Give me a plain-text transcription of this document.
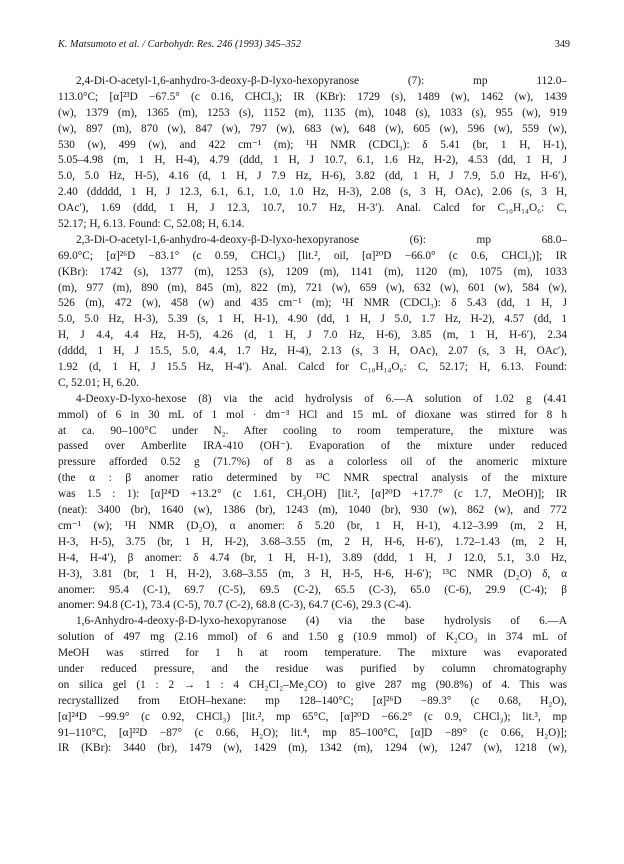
K. Matsumoto et al. / Carbohydr. Res. 246 (1993) 345–352	349
2,4-Di-O-acetyl-1,6-anhydro-3-deoxy-β-D-lyxo-hexopyranose (7): mp 112.0–
113.0°C; [α]²³D −67.5° (c 0.16, CHCl₃); IR (KBr): 1729 (s), 1489 (w), 1462 (w), 1439
(w), 1379 (m), 1365 (m), 1253 (s), 1152 (m), 1135 (m), 1048 (s), 1033 (s), 955 (w), 919
(w), 897 (m), 870 (w), 847 (w), 797 (w), 683 (w), 648 (w), 605 (w), 596 (w), 559 (w),
530 (w), 499 (w), and 422 cm⁻¹ (m); ¹H NMR (CDCl₃): δ 5.41 (br, 1 H, H-1),
5.05–4.98 (m, 1 H, H-4), 4.79 (ddd, 1 H, J 10.7, 6.1, 1.6 Hz, H-2), 4.53 (dd, 1 H, J
5.0, 5.0 Hz, H-5), 4.16 (d, 1 H, J 7.9 Hz, H-6), 3.82 (dd, 1 H, J 7.9, 5.0 Hz, H-6′),
2.40 (ddddd, 1 H, J 12.3, 6.1, 6.1, 1.0, 1.0 Hz, H-3), 2.08 (s, 3 H, OAc), 2.06 (s, 3 H,
OAc′), 1.69 (ddd, 1 H, J 12.3, 10.7, 10.7 Hz, H-3′). Anal. Calcd for C₁₀H₁₄O₆: C,
52.17; H, 6.13. Found: C, 52.08; H, 6.14.
2,3-Di-O-acetyl-1,6-anhydro-4-deoxy-β-D-lyxo-hexopyranose (6): mp 68.0–
69.0°C; [α]²⁶D −83.1° (c 0.59, CHCl₃) [lit.², oil, [α]²⁰D −66.0° (c 0.6, CHCl₃)]; IR
(KBr): 1742 (s), 1377 (m), 1253 (s), 1209 (m), 1141 (m), 1120 (m), 1075 (m), 1033
(m), 977 (m), 890 (m), 845 (m), 822 (m), 721 (w), 659 (w), 632 (w), 601 (w), 584 (w),
526 (m), 472 (w), 458 (w) and 435 cm⁻¹ (m); ¹H NMR (CDCl₃): δ 5.43 (dd, 1 H, J
5.0, 5.0 Hz, H-3), 5.39 (s, 1 H, H-1), 4.90 (dd, 1 H, J 5.0, 1.7 Hz, H-2), 4.57 (dd, 1
H, J 4.4, 4.4 Hz, H-5), 4.26 (d, 1 H, J 7.0 Hz, H-6), 3.85 (m, 1 H, H-6′), 2.34
(dddd, 1 H, J 15.5, 5.0, 4.4, 1.7 Hz, H-4), 2.13 (s, 3 H, OAc), 2.07 (s, 3 H, OAc′),
1.92 (d, 1 H, J 15.5 Hz, H-4′). Anal. Calcd for C₁₀H₁₄O₆: C, 52.17; H, 6.13. Found:
C, 52.01; H, 6.20.
4-Deoxy-D-lyxo-hexose (8) via the acid hydrolysis of 6.—A solution of 1.02 g (4.41
mmol) of 6 in 30 mL of 1 mol · dm⁻³ HCl and 15 mL of dioxane was stirred for 8 h
at ca. 90–100°C under N₂. After cooling to room temperature, the mixture was
passed over Amberlite IRA-410 (OH⁻). Evaporation of the mixture under reduced
pressure afforded 0.52 g (71.7%) of 8 as a colorless oil of the anomeric mixture
(the α : β anomer ratio determined by ¹³C NMR spectral analysis of the mixture
was 1.5 : 1): [α]²⁴D +13.2° (c 1.61, CH₃OH) [lit.², [α]²⁰D +17.7° (c 1.7, MeOH)]; IR
(neat): 3400 (br), 1640 (w), 1386 (br), 1243 (m), 1040 (br), 930 (w), 862 (w), and 772
cm⁻¹ (w); ¹H NMR (D₂O), α anomer: δ 5.20 (br, 1 H, H-1), 4.12–3.99 (m, 2 H,
H-3, H-5), 3.75 (br, 1 H, H-2), 3.68–3.55 (m, 2 H, H-6, H-6′), 1.72–1.43 (m, 2 H,
H-4, H-4′), β anomer: δ 4.74 (br, 1 H, H-1), 3.89 (ddd, 1 H, J 12.0, 5.1, 3.0 Hz,
H-3), 3.81 (br, 1 H, H-2), 3.68–3.55 (m, 3 H, H-5, H-6, H-6′); ¹³C NMR (D₂O) δ, α
anomer: 95.4 (C-1), 69.7 (C-5), 69.5 (C-2), 65.5 (C-3), 65.0 (C-6), 29.9 (C-4); β
anomer: 94.8 (C-1), 73.4 (C-5), 70.7 (C-2), 68.8 (C-3), 64.7 (C-6), 29.3 (C-4).
1,6-Anhydro-4-deoxy-β-D-lyxo-hexopyranose (4) via the base hydrolysis of 6.—A
solution of 497 mg (2.16 mmol) of 6 and 1.50 g (10.9 mmol) of K₂CO₃ in 374 mL of
MeOH was stirred for 1 h at room temperature. The mixture was evaporated
under reduced pressure, and the residue was purified by column chromatography
on silica gel (1 : 2 → 1 : 4 CH₂Cl₂–Me₂CO) to give 287 mg (90.8%) of 4. This was
recrystallized from EtOH–hexane: mp 128–140°C; [α]²⁶D −89.3° (c 0.68, H₂O),
[α]²⁴D −99.9° (c 0.92, CHCl₃) [lit.², mp 65°C, [α]²⁰D −66.2° (c 0.9, CHCl₃); lit.³, mp
91–110°C, [α]²²D −87° (c 0.66, H₂O); lit.⁴, mp 85–100°C, [α]D −89° (c 0.66, H₂O)];
IR (KBr): 3440 (br), 1479 (w), 1429 (m), 1342 (m), 1294 (w), 1247 (w), 1218 (w),
